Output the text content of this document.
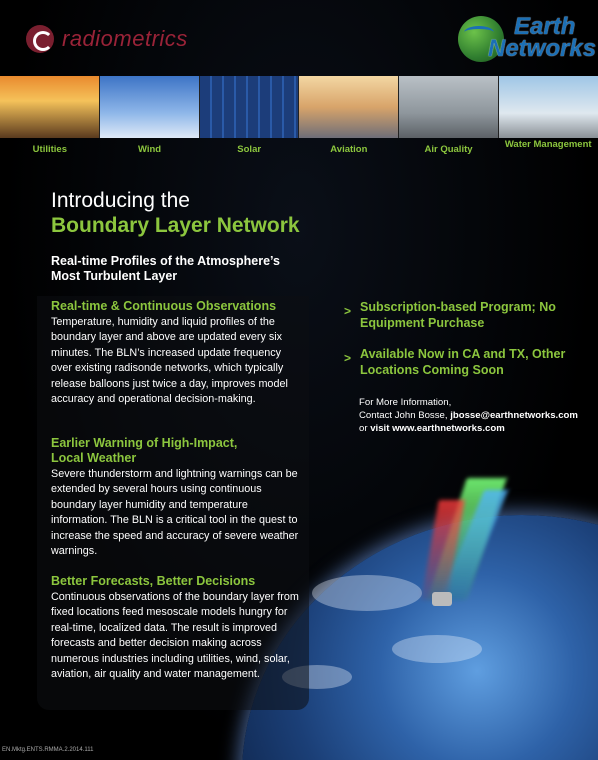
radiometrics	Earth
Networks
Utilities	Wind	Solar	Aviation	Air Quality	Water Management
Introducing the
Boundary Layer Network
Real-time Profiles of the Atmosphere’s Most Turbulent Layer
Real-time & Continuous Observations
Temperature, humidity and liquid profiles of the boundary layer and above are updated every six minutes. The BLN’s increased update frequency over existing radisonde networks, which typically release balloons just twice a day, improves model accuracy and operational decision-making.
Earlier Warning of High-Impact, Local Weather
Severe thunderstorm and lightning warnings can be extended by several hours using continuous boundary layer humidity and temperature information. The BLN is a critical tool in the quest to increase the speed and accuracy of severe weather warnings.
Better Forecasts, Better Decisions
Continuous observations of the boundary layer from fixed locations feed mesoscale models hungry for real-time, localized data. The result is improved forecasts and better decision making across numerous industries including utilities, wind, solar, aviation, air quality and water management.
> Subscription-based Program; No Equipment Purchase
> Available Now in CA and TX, Other Locations Coming Soon
For More Information,
Contact John Bosse, jbosse@earthnetworks.com
or visit www.earthnetworks.com
EN.Mktg.ENTS.RMMA.2.2014.111
